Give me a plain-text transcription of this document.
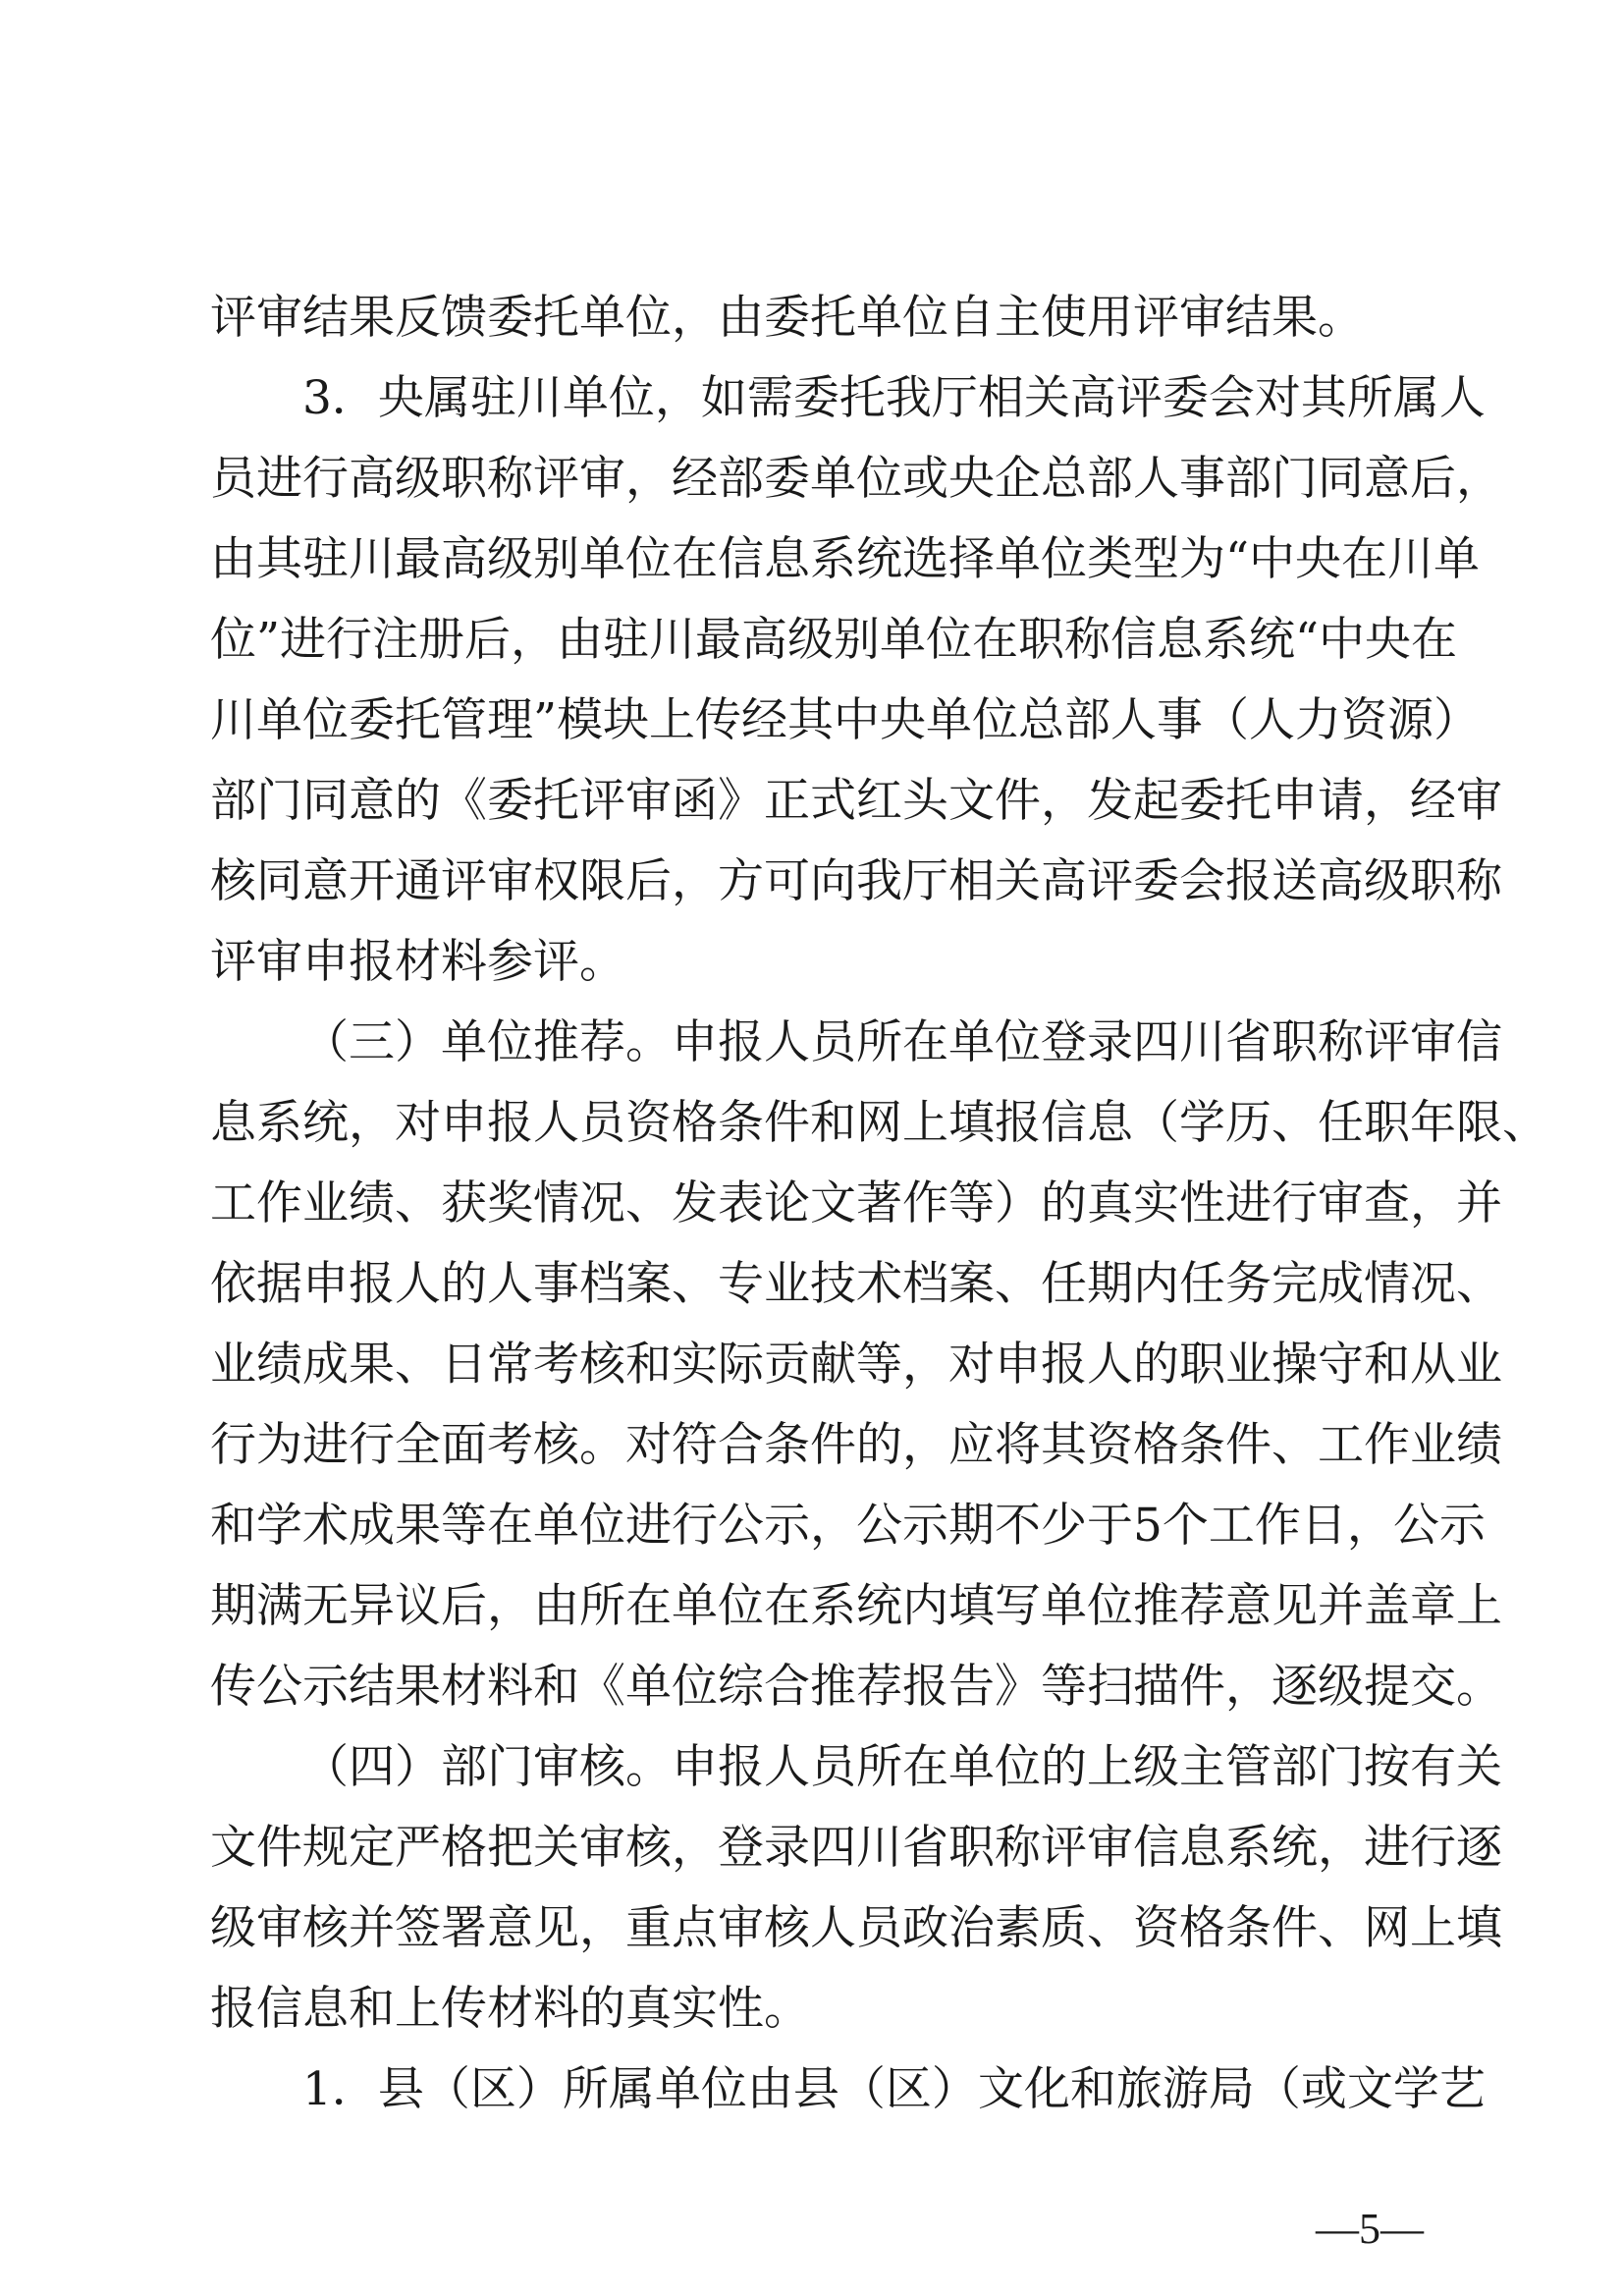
评审结果反馈委托单位，由委托单位自主使用评审结果。
3．央属驻川单位，如需委托我厅相关高评委会对其所属人
员进行高级职称评审，经部委单位或央企总部人事部门同意后，
由其驻川最高级别单位在信息系统选择单位类型为“中央在川单
位”进行注册后，由驻川最高级别单位在职称信息系统“中央在
川单位委托管理”模块上传经其中央单位总部人事（人力资源）
部门同意的《委托评审函》正式红头文件，发起委托申请，经审
核同意开通评审权限后，方可向我厅相关高评委会报送高级职称
评审申报材料参评。
（三）单位推荐。申报人员所在单位登录四川省职称评审信
息系统，对申报人员资格条件和网上填报信息（学历、任职年限、
工作业绩、获奖情况、发表论文著作等）的真实性进行审查，并
依据申报人的人事档案、专业技术档案、任期内任务完成情况、
业绩成果、日常考核和实际贡献等，对申报人的职业操守和从业
行为进行全面考核。对符合条件的，应将其资格条件、工作业绩
和学术成果等在单位进行公示，公示期不少于5个工作日，公示
期满无异议后，由所在单位在系统内填写单位推荐意见并盖章上
传公示结果材料和《单位综合推荐报告》等扫描件，逐级提交。
（四）部门审核。申报人员所在单位的上级主管部门按有关
文件规定严格把关审核，登录四川省职称评审信息系统，进行逐
级审核并签署意见，重点审核人员政治素质、资格条件、网上填
报信息和上传材料的真实性。
1．县（区）所属单位由县（区）文化和旅游局（或文学艺
—5—
